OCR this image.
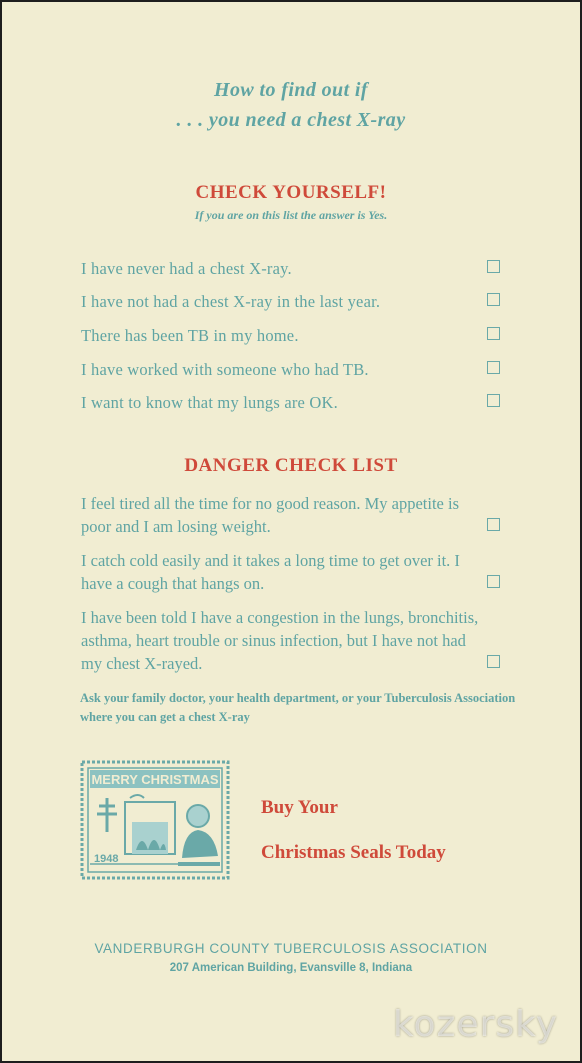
How to find out if
. . . you need a chest X-ray
CHECK YOURSELF!
If you are on this list the answer is Yes.
I have never had a chest X-ray.
I have not had a chest X-ray in the last year.
There has been TB in my home.
I have worked with someone who had TB.
I want to know that my lungs are OK.
DANGER CHECK LIST
I feel tired all the time for no good reason. My appetite is poor and I am losing weight.
I catch cold easily and it takes a long time to get over it. I have a cough that hangs on.
I have been told I have a congestion in the lungs, bronchitis, asthma, heart trouble or sinus infection, but I have not had my chest X-rayed.
Ask your family doctor, your health department, or your Tuberculosis Association where you can get a chest X-ray
MERRY CHRISTMAS
1948
Buy Your
Christmas Seals Today
VANDERBURGH COUNTY TUBERCULOSIS ASSOCIATION
207 American Building, Evansville 8, Indiana
kozersky
